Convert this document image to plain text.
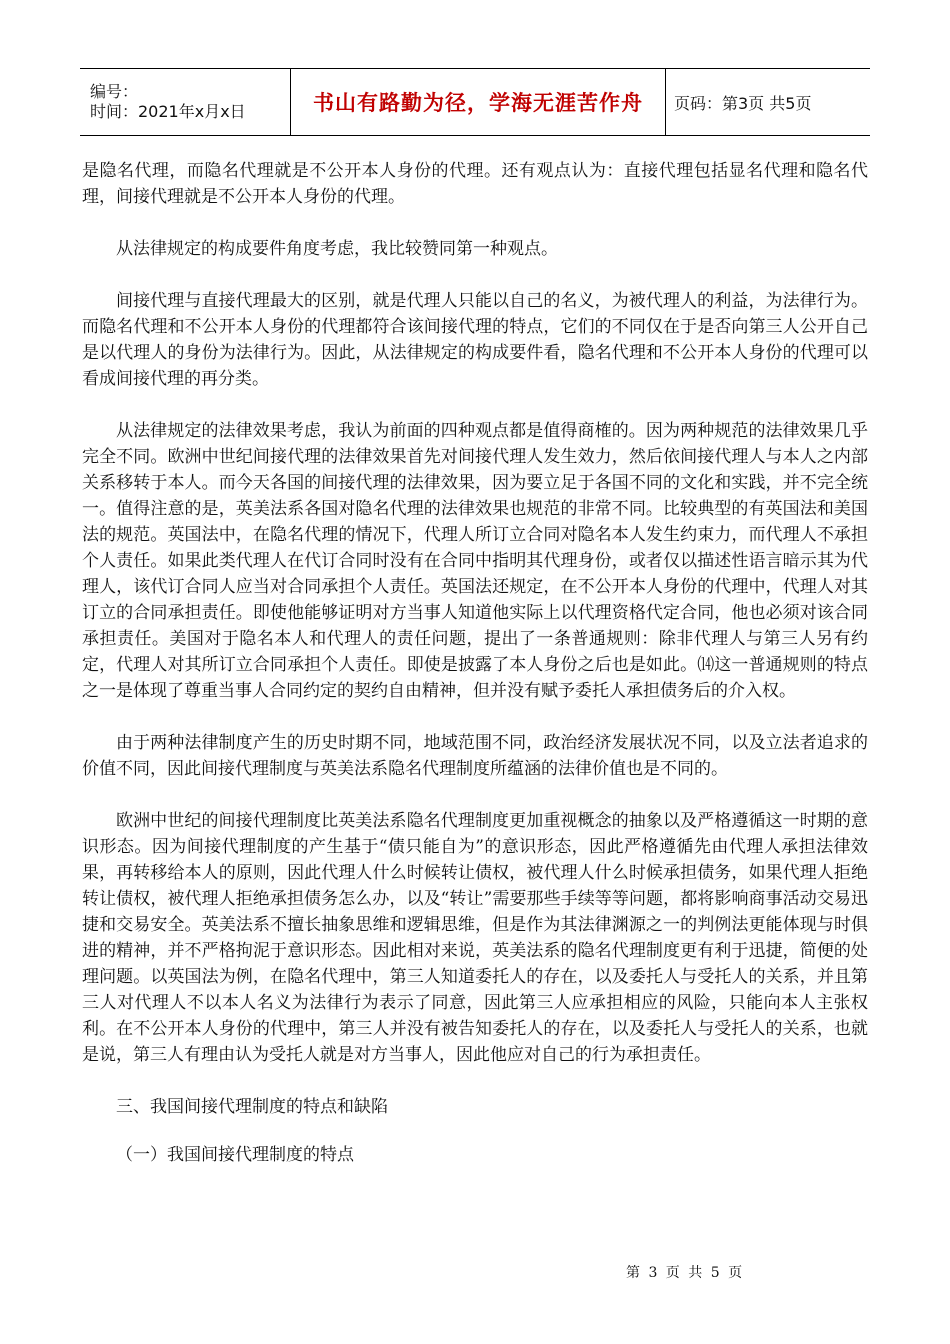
编号：
时间：2021年x月x日	书山有路勤为径，学海无涯苦作舟	页码：第3页 共5页

是隐名代理，而隐名代理就是不公开本人身份的代理。还有观点认为：直接代理包括显名代理和隐名代理，间接代理就是不公开本人身份的代理。

从法律规定的构成要件角度考虑，我比较赞同第一种观点。

间接代理与直接代理最大的区别，就是代理人只能以自己的名义，为被代理人的利益，为法律行为。而隐名代理和不公开本人身份的代理都符合该间接代理的特点，它们的不同仅在于是否向第三人公开自己是以代理人的身份为法律行为。因此，从法律规定的构成要件看，隐名代理和不公开本人身份的代理可以看成间接代理的再分类。

从法律规定的法律效果考虑，我认为前面的四种观点都是值得商榷的。因为两种规范的法律效果几乎完全不同。欧洲中世纪间接代理的法律效果首先对间接代理人发生效力，然后依间接代理人与本人之内部关系移转于本人。而今天各国的间接代理的法律效果，因为要立足于各国不同的文化和实践，并不完全统一。值得注意的是，英美法系各国对隐名代理的法律效果也规范的非常不同。比较典型的有英国法和美国法的规范。英国法中，在隐名代理的情况下，代理人所订立合同对隐名本人发生约束力，而代理人不承担个人责任。如果此类代理人在代订合同时没有在合同中指明其代理身份，或者仅以描述性语言暗示其为代理人，该代订合同人应当对合同承担个人责任。英国法还规定，在不公开本人身份的代理中，代理人对其订立的合同承担责任。即使他能够证明对方当事人知道他实际上以代理资格代定合同，他也必须对该合同承担责任。美国对于隐名本人和代理人的责任问题，提出了一条普通规则：除非代理人与第三人另有约定，代理人对其所订立合同承担个人责任。即使是披露了本人身份之后也是如此。⒁这一普通规则的特点之一是体现了尊重当事人合同约定的契约自由精神，但并没有赋予委托人承担债务后的介入权。

由于两种法律制度产生的历史时期不同，地域范围不同，政治经济发展状况不同，以及立法者追求的价值不同，因此间接代理制度与英美法系隐名代理制度所蕴涵的法律价值也是不同的。

欧洲中世纪的间接代理制度比英美法系隐名代理制度更加重视概念的抽象以及严格遵循这一时期的意识形态。因为间接代理制度的产生基于“债只能自为”的意识形态，因此严格遵循先由代理人承担法律效果，再转移给本人的原则，因此代理人什么时候转让债权，被代理人什么时候承担债务，如果代理人拒绝转让债权，被代理人拒绝承担债务怎么办，以及“转让”需要那些手续等等问题，都将影响商事活动交易迅捷和交易安全。英美法系不擅长抽象思维和逻辑思维，但是作为其法律渊源之一的判例法更能体现与时俱进的精神，并不严格拘泥于意识形态。因此相对来说，英美法系的隐名代理制度更有利于迅捷，简便的处理问题。以英国法为例，在隐名代理中，第三人知道委托人的存在，以及委托人与受托人的关系，并且第三人对代理人不以本人名义为法律行为表示了同意，因此第三人应承担相应的风险，只能向本人主张权利。在不公开本人身份的代理中，第三人并没有被告知委托人的存在，以及委托人与受托人的关系，也就是说，第三人有理由认为受托人就是对方当事人，因此他应对自己的行为承担责任。

三、我国间接代理制度的特点和缺陷

（一）我国间接代理制度的特点

第 3 页 共 5 页
